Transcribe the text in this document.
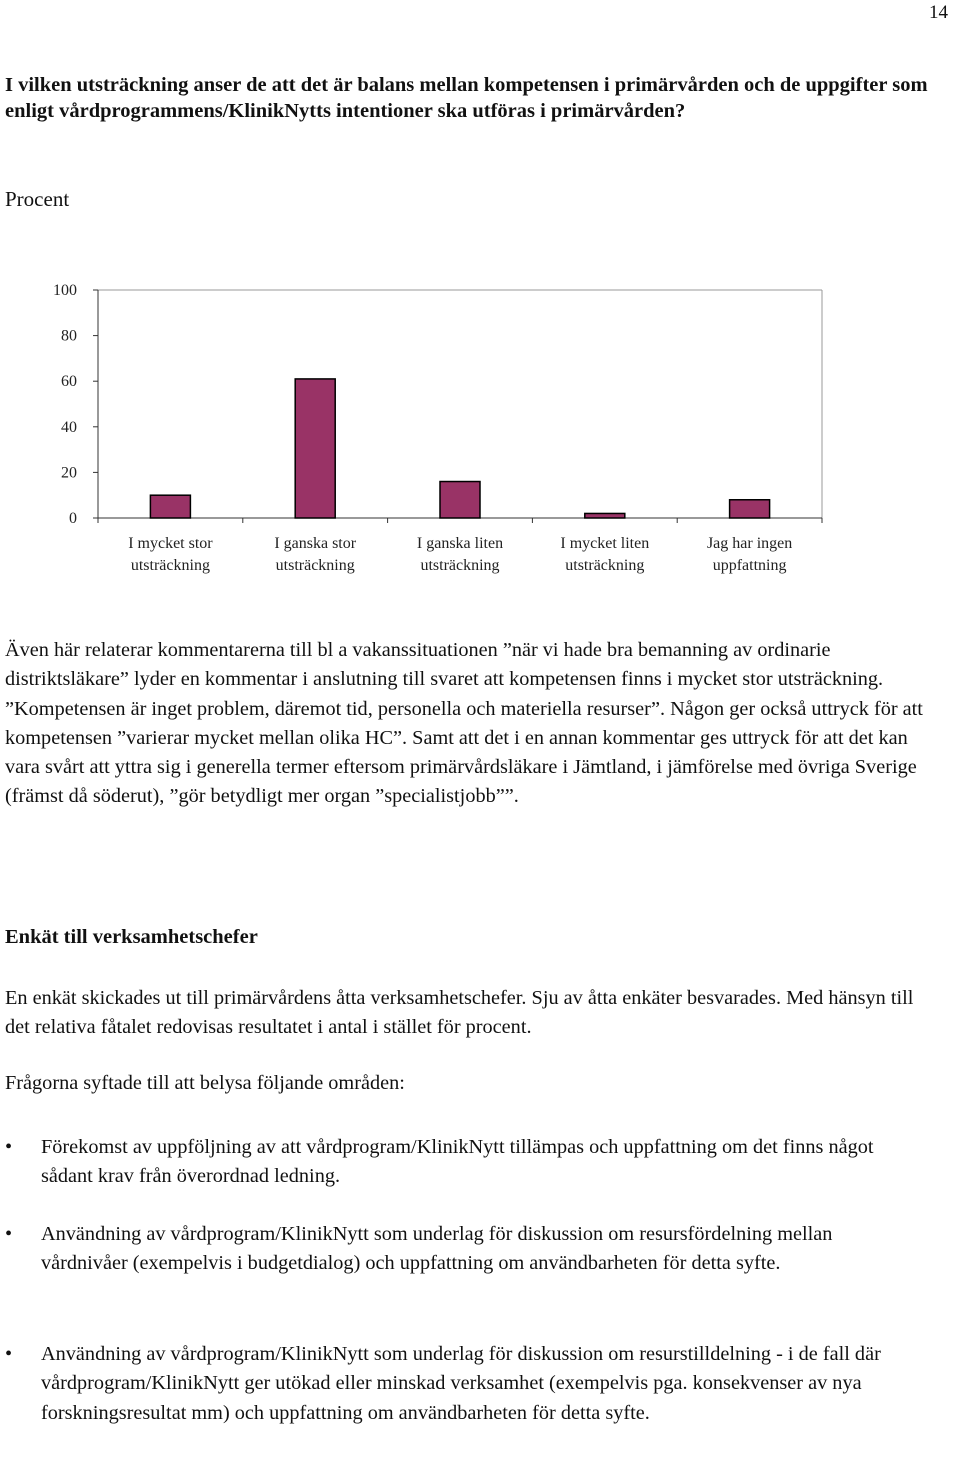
14
I vilken utsträckning anser de att det är balans mellan kompetensen i primärvården och de uppgifter som enligt vårdprogrammens/KlinikNytts intentioner ska utföras i primärvården?
Procent
0
20
40
60
80
100
I mycket stor
utsträckning
I ganska stor
utsträckning
I ganska liten
utsträckning
I mycket liten
utsträckning
Jag har ingen
uppfattning
Även här relaterar kommentarerna till bl a vakanssituationen ”när vi hade bra bemanning av ordinarie distriktsläkare” lyder en kommentar i anslutning till svaret att kompetensen finns i mycket stor utsträckning. ”Kompetensen är inget problem, däremot tid, personella och materiella resurser”. Någon ger också uttryck för att kompetensen ”varierar mycket mellan olika HC”. Samt att det i en annan kommentar ges uttryck för att det kan vara svårt att yttra sig i generella termer eftersom primärvårdsläkare i Jämtland, i jämförelse med övriga Sverige (främst då söderut), ”gör betydligt mer organ ”specialistjobb””.
Enkät till verksamhetschefer
En enkät skickades ut till primärvårdens åtta verksamhetschefer. Sju av åtta enkäter besvarades. Med hänsyn till det relativa fåtalet redovisas resultatet i antal i stället för procent.
Frågorna syftade till att belysa följande områden:
• Förekomst av uppföljning av att vårdprogram/KlinikNytt tillämpas och uppfattning om det finns något sådant krav från överordnad ledning.
• Användning av vårdprogram/KlinikNytt som underlag för diskussion om resursfördelning mellan vårdnivåer (exempelvis i budgetdialog) och uppfattning om användbarheten för detta syfte.
• Användning av vårdprogram/KlinikNytt som underlag för diskussion om resurstilldelning - i de fall där vårdprogram/KlinikNytt ger utökad eller minskad verksamhet (exempelvis pga. konsekvenser av nya forskningsresultat mm) och uppfattning om användbarheten för detta syfte.
